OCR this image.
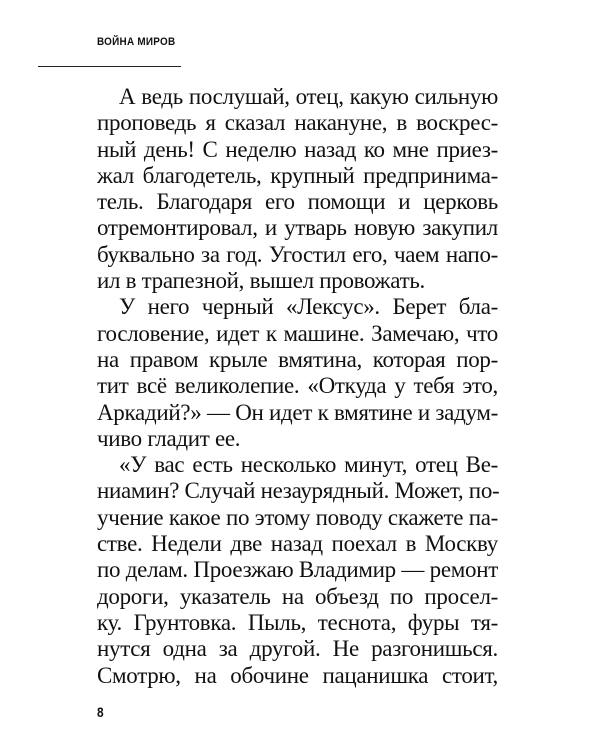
ВОЙНА МИРОВ
А ведь послушай, отец, какую сильную
проповедь я сказал накануне, в воскрес-
ный день! С неделю назад ко мне приез-
жал благодетель, крупный предпринима-
тель. Благодаря его помощи и церковь
отремонтировал, и утварь новую закупил
буквально за год. Угостил его, чаем напо-
ил в трапезной, вышел провожать.
У него черный «Лексус». Берет бла-
гословение, идет к машине. Замечаю, что
на правом крыле вмятина, которая пор-
тит всё великолепие. «Откуда у тебя это,
Аркадий?» — Он идет к вмятине и задум-
чиво гладит ее.
«У вас есть несколько минут, отец Ве-
ниамин? Случай незаурядный. Может, по-
учение какое по этому поводу скажете па-
стве. Недели две назад поехал в Москву
по делам. Проезжаю Владимир — ремонт
дороги, указатель на объезд по просел-
ку. Грунтовка. Пыль, теснота, фуры тя-
нутся одна за другой. Не разгонишься.
Смотрю, на обочине пацанишка стоит,
8
